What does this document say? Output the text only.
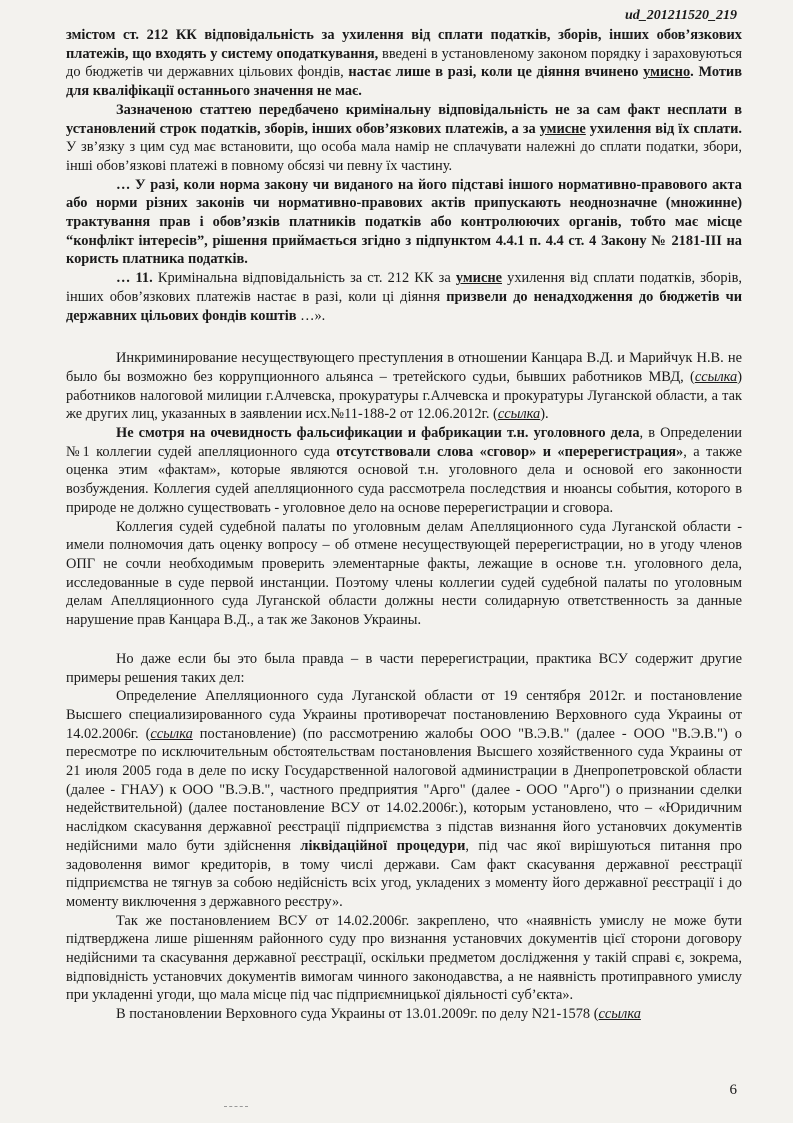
ud_201211520_219

змістом ст. 212 КК відповідальність за ухилення від сплати податків, зборів, інших обов’язкових платежів, що входять у систему оподаткування, введені в установленому законом порядку і зараховуються до бюджетів чи державних цільових фондів, настає лише в разі, коли це діяння вчинено умисно. Мотив для кваліфікації останнього значення не має.

Зазначеною статтею передбачено кримінальну відповідальність не за сам факт несплати в установлений строк податків, зборів, інших обов’язкових платежів, а за умисне ухилення від їх сплати. У зв’язку з цим суд має встановити, що особа мала намір не сплачувати належні до сплати податки, збори, інші обов’язкові платежі в повному обсязі чи певну їх частину.

… У разі, коли норма закону чи виданого на його підставі іншого нормативно-правового акта або норми різних законів чи нормативно-правових актів припускають неоднозначне (множинне) трактування прав і обов’язків платників податків або контролюючих органів, тобто має місце “конфлікт інтересів”, рішення приймається згідно з підпунктом 4.4.1 п. 4.4 ст. 4 Закону № 2181-III на користь платника податків.

… 11. Кримінальна відповідальність за ст. 212 КК за умисне ухилення від сплати податків, зборів, інших обов’язкових платежів настає в разі, коли ці діяння призвели до ненадходження до бюджетів чи державних цільових фондів коштів …».

Инкриминирование несуществующего преступления в отношении Канцара В.Д. и Марийчук Н.В. не было бы возможно без коррупционного альянса – третейского судьи, бывших работников МВД, (ссылка) работников налоговой милиции г.Алчевска, прокуратуры г.Алчевска и прокуратуры Луганской области, а так же других лиц, указанных в заявлении исх.№11-188-2 от 12.06.2012г. (ссылка).

Не смотря на очевидность фальсификации и фабрикации т.н. уголовного дела, в Определении №1 коллегии судей апелляционного суда отсутствовали слова «сговор» и «перерегистрация», а также оценка этим «фактам», которые являются основой т.н. уголовного дела и основой его законности возбуждения. Коллегия судей апелляционного суда рассмотрела последствия и нюансы события, которого в природе не должно существовать - уголовное дело на основе перерегистрации и сговора.

Коллегия судей судебной палаты по уголовным делам Апелляционного суда Луганской области - имели полномочия дать оценку вопросу – об отмене несуществующей перерегистрации, но в угоду членов ОПГ не сочли необходимым проверить элементарные факты, лежащие в основе т.н. уголовного дела, исследованные в суде первой инстанции. Поэтому члены коллегии судей судебной палаты по уголовным делам Апелляционного суда Луганской области должны нести солидарную ответственность за данные нарушение прав Канцара В.Д., а так же Законов Украины.

Но даже если бы это была правда – в части перерегистрации, практика ВСУ содержит другие примеры решения таких дел:

Определение Апелляционного суда Луганской области от 19 сентября 2012г. и постановление Высшего специализированного суда Украины противоречат постановлению Верховного суда Украины от 14.02.2006г. (ссылка постановление) (по рассмотрению жалобы ООО "В.Э.В." (далее - ООО "В.Э.В.") о пересмотре по исключительным обстоятельствам постановления Высшего хозяйственного суда Украины от 21 июля 2005 года в деле по иску Государственной налоговой администрации в Днепропетровской области (далее - ГНАУ) к ООО "В.Э.В.", частного предприятия "Арго" (далее - ООО "Арго") о признании сделки недействительной) (далее постановление ВСУ от 14.02.2006г.), которым установлено, что – «Юридичним наслідком скасування державної реєстрації підприємства з підстав визнання його установчих документів недійсними мало бути здійснення ліквідаційної процедури, під час якої вирішуються питання про задоволення вимог кредиторів, в тому числі держави. Сам факт скасування державної реєстрації підприємства не тягнув за собою недійсність всіх угод, укладених з моменту його державної реєстрації і до моменту виключення з державного реєстру».

Так же постановлением ВСУ от 14.02.2006г. закреплено, что «наявність умислу не може бути підтверджена лише рішенням районного суду про визнання установчих документів цієї сторони договору недійсними та скасування державної реєстрації, оскільки предметом дослідження у такій справі є, зокрема, відповідність установчих документів вимогам чинного законодавства, а не наявність протиправного умислу при укладенні угоди, що мала місце під час підприємницької діяльності суб’єкта».

В постановлении Верховного суда Украины от 13.01.2009г. по делу N21-1578 (ссылка

6
